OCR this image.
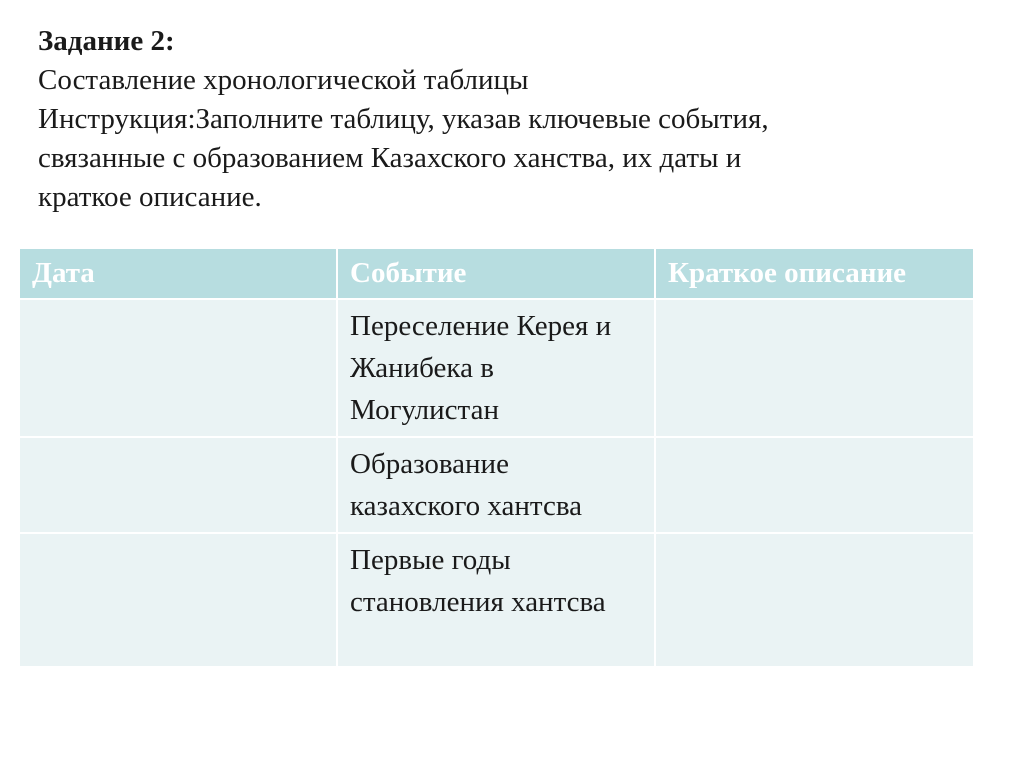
Задание 2:
Составление хронологической таблицы
Инструкция:Заполните таблицу, указав ключевые события,
связанные с образованием Казахского ханства, их даты и
краткое описание.
Дата	Событие	Краткое описание

	Переселение Керея и Жанибека в Могулистан	

	Образование казахского хантсва	

	Первые годы становления хантсва	
